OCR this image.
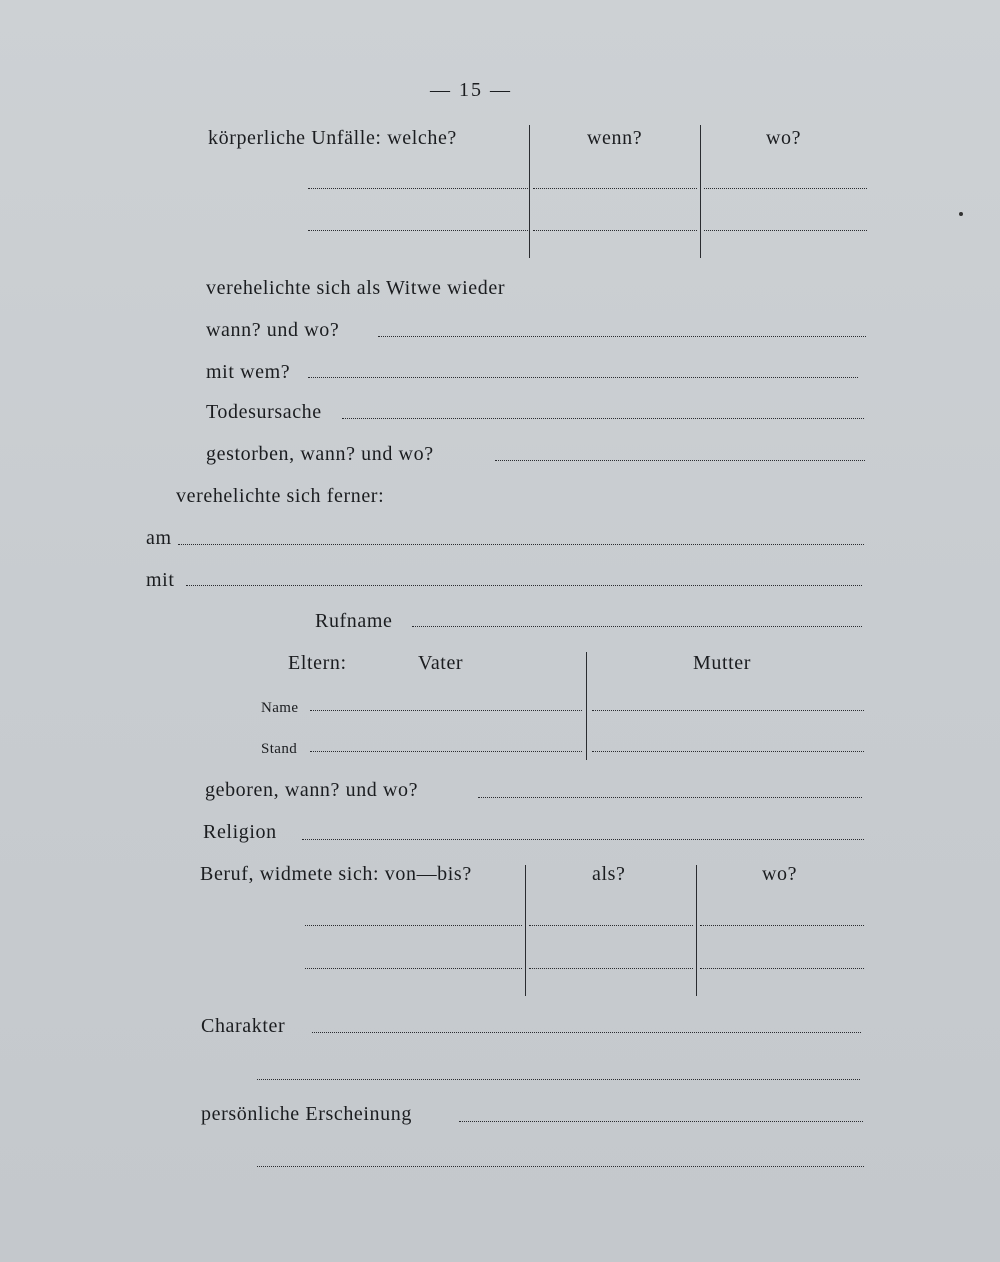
— 15 —
körperliche Unfälle: welche?	wenn?	wo?
verehelichte sich als Witwe wieder
wann? und wo?
mit wem?
Todesursache
gestorben, wann? und wo?
verehelichte sich ferner:
am
mit
Rufname
Eltern:	Vater	Mutter
Name
Stand
geboren, wann? und wo?
Religion
Beruf, widmete sich: von—bis?	als?	wo?
Charakter
persönliche Erscheinung
